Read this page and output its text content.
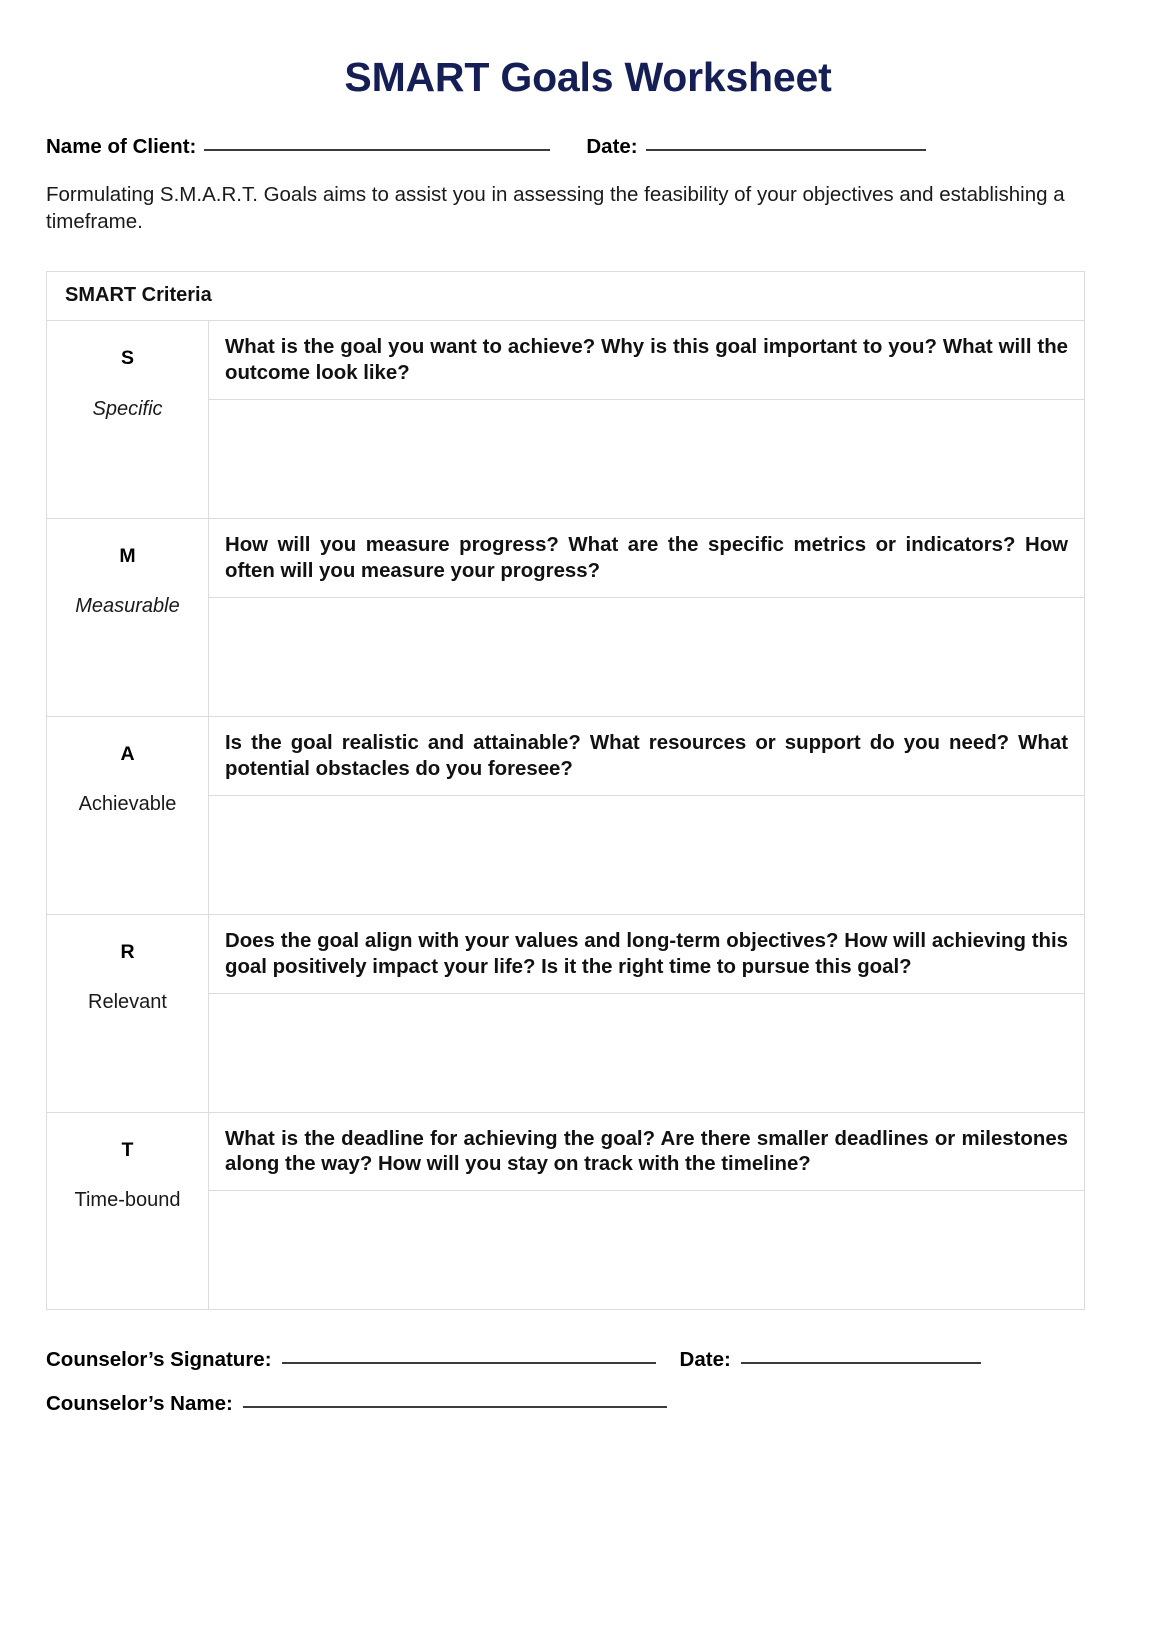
SMART Goals Worksheet
Name of Client:	Date:

Formulating S.M.A.R.T. Goals aims to assist you in assessing the feasibility of your objectives and establishing a timeframe.

SMART Criteria	

S
Specific	What is the goal you want to achieve? Why is this goal important to you? What will the outcome look like?

M
Measurable	How will you measure progress? What are the specific metrics or indicators? How often will you measure your progress?

A
Achievable	Is the goal realistic and attainable? What resources or support do you need? What potential obstacles do you foresee?

R
Relevant	Does the goal align with your values and long-term objectives? How will achieving this goal positively impact your life? Is it the right time to pursue this goal?

T
Time-bound	What is the deadline for achieving the goal? Are there smaller deadlines or milestones along the way? How will you stay on track with the timeline?

Counselor’s Signature:	Date:
Counselor’s Name:
